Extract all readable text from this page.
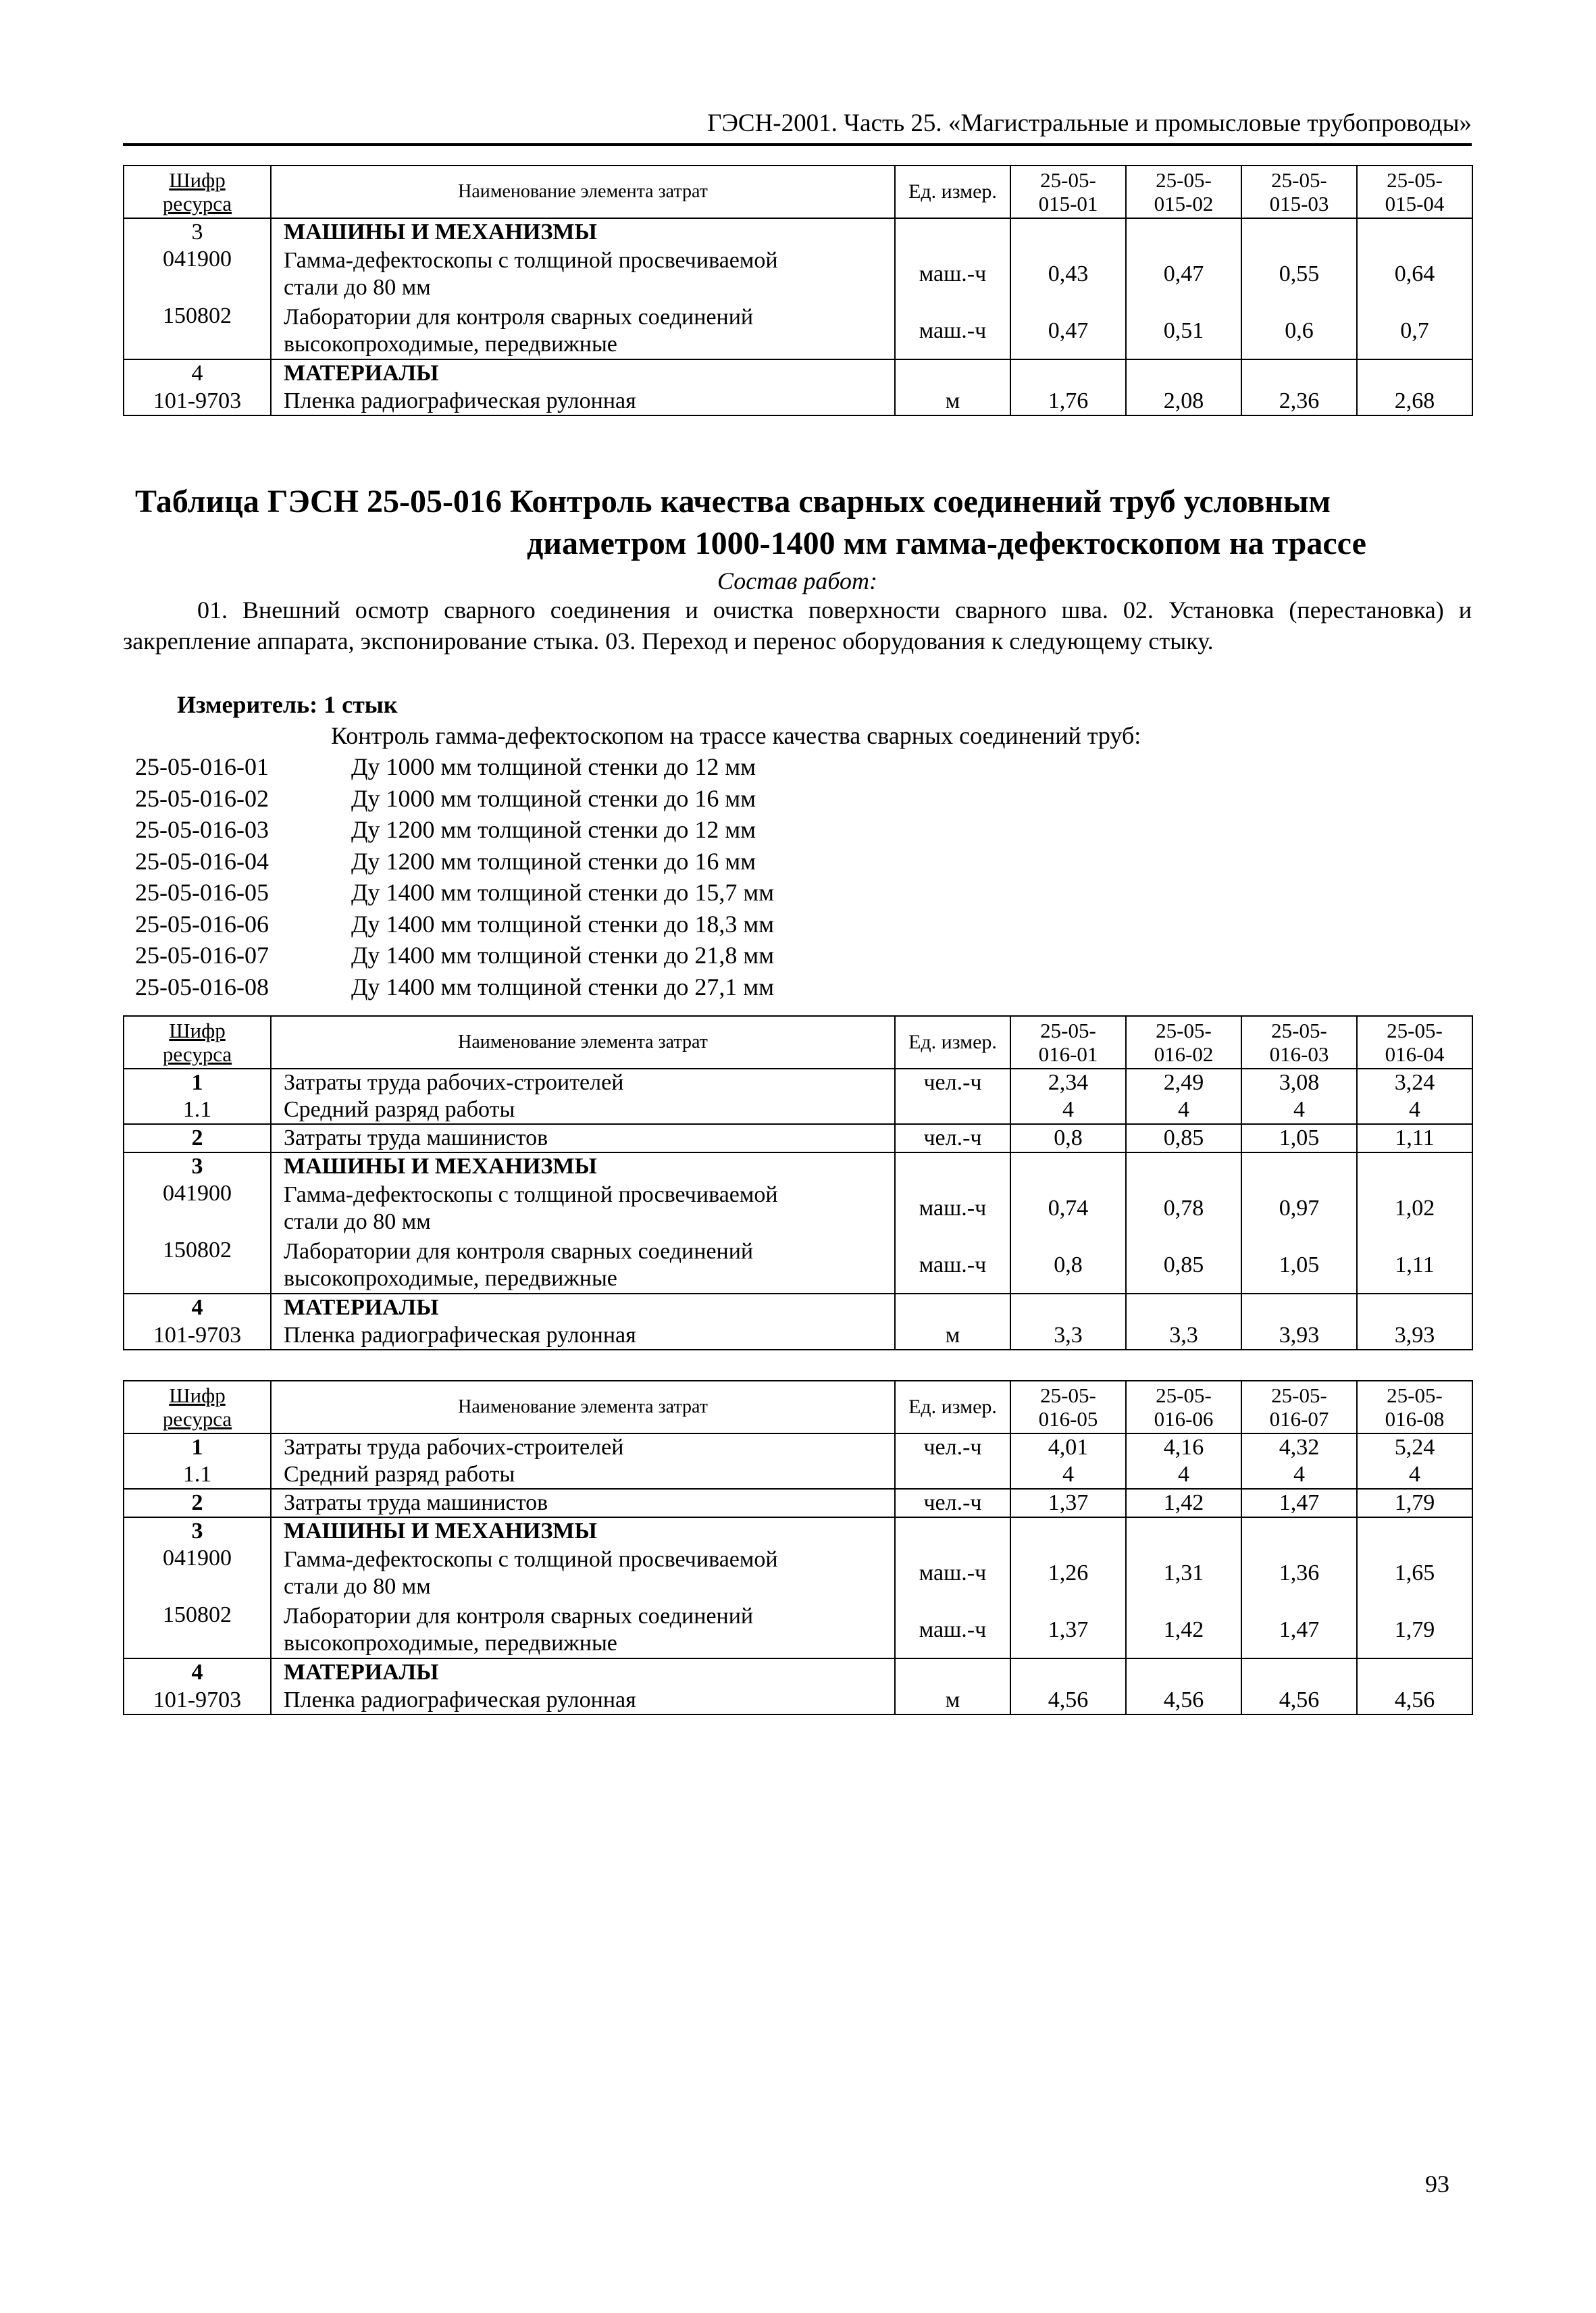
ГЭСН-2001. Часть 25. «Магистральные и промысловые трубопроводы»
Шифр
ресурса	Наименование элемента затрат	Ед. измер.	25-05-
015-01	25-05-
015-02	25-05-
015-03	25-05-
015-04
3	МАШИНЫ И МЕХАНИЗМЫ					
041900	Гамма-дефектоскопы с толщиной просвечиваемой
стали до 80 мм	маш.-ч	0,43	0,47	0,55	0,64
150802	Лаборатории для контроля сварных соединений
высокопроходимые, передвижные	маш.-ч	0,47	0,51	0,6	0,7
4	МАТЕРИАЛЫ					
101-9703	Пленка радиографическая рулонная	м	1,76	2,08	2,36	2,68
Таблица ГЭСН 25-05-016 Контроль качества сварных соединений труб условным
диаметром 1000-1400 мм гамма-дефектоскопом на трассе
Состав работ:
01. Внешний осмотр сварного соединения и очистка поверхности сварного шва. 02. Установка (перестановка) и закрепление аппарата, экспонирование стыка. 03. Переход и перенос оборудования к следующему стыку.
Измеритель: 1 стык
Контроль гамма-дефектоскопом на трассе качества сварных соединений труб:
25-05-016-01	Ду 1000 мм толщиной стенки до 12 мм
25-05-016-02	Ду 1000 мм толщиной стенки до 16 мм
25-05-016-03	Ду 1200 мм толщиной стенки до 12 мм
25-05-016-04	Ду 1200 мм толщиной стенки до 16 мм
25-05-016-05	Ду 1400 мм толщиной стенки до 15,7 мм
25-05-016-06	Ду 1400 мм толщиной стенки до 18,3 мм
25-05-016-07	Ду 1400 мм толщиной стенки до 21,8 мм
25-05-016-08	Ду 1400 мм толщиной стенки до 27,1 мм
Шифр
ресурса	Наименование элемента затрат	Ед. измер.	25-05-
016-01	25-05-
016-02	25-05-
016-03	25-05-
016-04
1	Затраты труда рабочих-строителей	чел.-ч	2,34	2,49	3,08	3,24
1.1	Средний разряд работы		4	4	4	4
2	Затраты труда машинистов	чел.-ч	0,8	0,85	1,05	1,11
3	МАШИНЫ И МЕХАНИЗМЫ					
041900	Гамма-дефектоскопы с толщиной просвечиваемой
стали до 80 мм	маш.-ч	0,74	0,78	0,97	1,02
150802	Лаборатории для контроля сварных соединений
высокопроходимые, передвижные	маш.-ч	0,8	0,85	1,05	1,11
4	МАТЕРИАЛЫ					
101-9703	Пленка радиографическая рулонная	м	3,3	3,3	3,93	3,93
Шифр
ресурса	Наименование элемента затрат	Ед. измер.	25-05-
016-05	25-05-
016-06	25-05-
016-07	25-05-
016-08
1	Затраты труда рабочих-строителей	чел.-ч	4,01	4,16	4,32	5,24
1.1	Средний разряд работы		4	4	4	4
2	Затраты труда машинистов	чел.-ч	1,37	1,42	1,47	1,79
3	МАШИНЫ И МЕХАНИЗМЫ					
041900	Гамма-дефектоскопы с толщиной просвечиваемой
стали до 80 мм	маш.-ч	1,26	1,31	1,36	1,65
150802	Лаборатории для контроля сварных соединений
высокопроходимые, передвижные	маш.-ч	1,37	1,42	1,47	1,79
4	МАТЕРИАЛЫ					
101-9703	Пленка радиографическая рулонная	м	4,56	4,56	4,56	4,56
93
